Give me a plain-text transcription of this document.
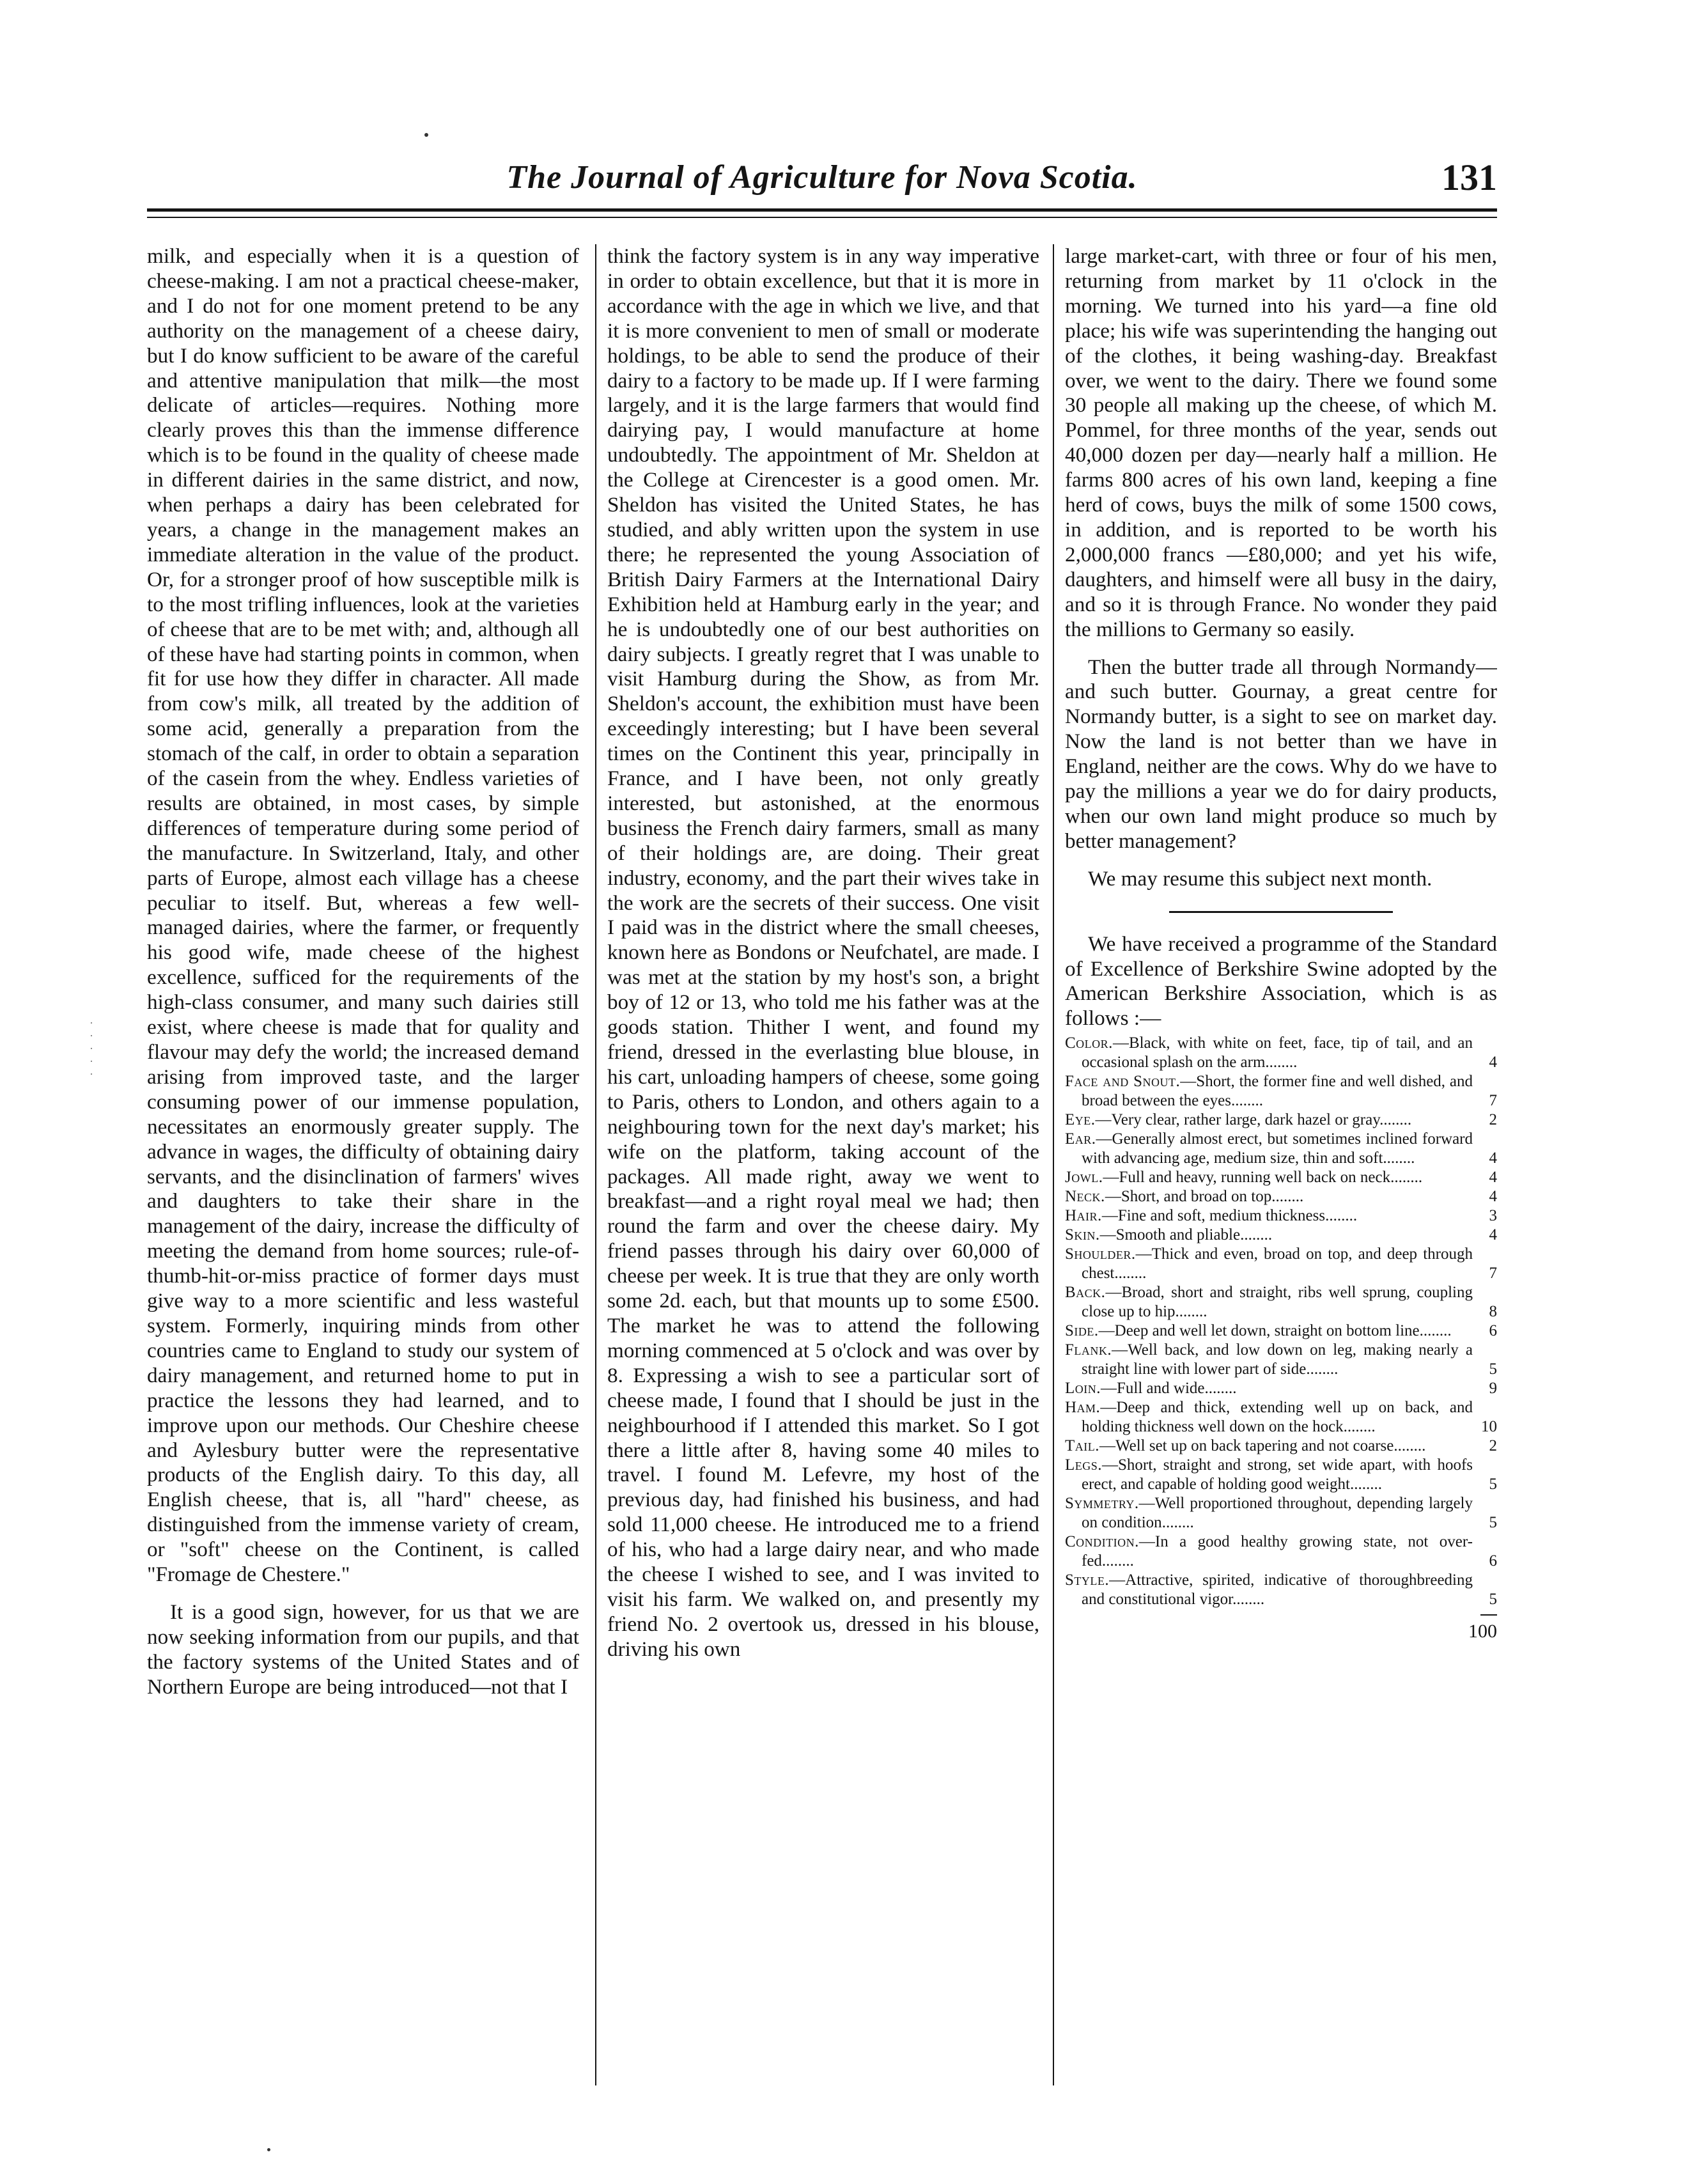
The Journal of Agriculture for Nova Scotia.	131
·
·
·
·
·

milk, and especially when it is a question of cheese-making. I am not a practical cheese-maker, and I do not for one moment pretend to be any authority on the management of a cheese dairy, but I do know sufficient to be aware of the careful and attentive manipulation that milk—the most delicate of articles—requires. Nothing more clearly proves this than the immense difference which is to be found in the quality of cheese made in different dairies in the same district, and now, when perhaps a dairy has been celebrated for years, a change in the management makes an immediate alteration in the value of the product. Or, for a stronger proof of how susceptible milk is to the most trifling influences, look at the varieties of cheese that are to be met with; and, although all of these have had starting points in common, when fit for use how they differ in character. All made from cow's milk, all treated by the addition of some acid, generally a preparation from the stomach of the calf, in order to obtain a separation of the casein from the whey. Endless varieties of results are obtained, in most cases, by simple differences of temperature during some period of the manufacture. In Switzerland, Italy, and other parts of Europe, almost each village has a cheese peculiar to itself. But, whereas a few well-managed dairies, where the farmer, or frequently his good wife, made cheese of the highest excellence, sufficed for the requirements of the high-class consumer, and many such dairies still exist, where cheese is made that for quality and flavour may defy the world; the increased demand arising from improved taste, and the larger consuming power of our immense population, necessitates an enormously greater supply. The advance in wages, the difficulty of obtaining dairy servants, and the disinclination of farmers' wives and daughters to take their share in the management of the dairy, increase the difficulty of meeting the demand from home sources; rule-of-thumb-hit-or-miss practice of former days must give way to a more scientific and less wasteful system. Formerly, inquiring minds from other countries came to England to study our system of dairy management, and returned home to put in practice the lessons they had learned, and to improve upon our methods. Our Cheshire cheese and Aylesbury butter were the representative products of the English dairy. To this day, all English cheese, that is, all "hard" cheese, as distinguished from the immense variety of cream, or "soft" cheese on the Continent, is called "Fromage de Chestere."

It is a good sign, however, for us that we are now seeking information from our pupils, and that the factory systems of the United States and of Northern Europe are being introduced—not that I

think the factory system is in any way imperative in order to obtain excellence, but that it is more in accordance with the age in which we live, and that it is more convenient to men of small or moderate holdings, to be able to send the produce of their dairy to a factory to be made up. If I were farming largely, and it is the large farmers that would find dairying pay, I would manufacture at home undoubtedly. The appointment of Mr. Sheldon at the College at Cirencester is a good omen. Mr. Sheldon has visited the United States, he has studied, and ably written upon the system in use there; he represented the young Association of British Dairy Farmers at the International Dairy Exhibition held at Hamburg early in the year; and he is undoubtedly one of our best authorities on dairy subjects. I greatly regret that I was unable to visit Hamburg during the Show, as from Mr. Sheldon's account, the exhibition must have been exceedingly interesting; but I have been several times on the Continent this year, principally in France, and I have been, not only greatly interested, but astonished, at the enormous business the French dairy farmers, small as many of their holdings are, are doing. Their great industry, economy, and the part their wives take in the work are the secrets of their success. One visit I paid was in the district where the small cheeses, known here as Bondons or Neufchatel, are made. I was met at the station by my host's son, a bright boy of 12 or 13, who told me his father was at the goods station. Thither I went, and found my friend, dressed in the everlasting blue blouse, in his cart, unloading hampers of cheese, some going to Paris, others to London, and others again to a neighbouring town for the next day's market; his wife on the platform, taking account of the packages. All made right, away we went to breakfast—and a right royal meal we had; then round the farm and over the cheese dairy. My friend passes through his dairy over 60,000 of cheese per week. It is true that they are only worth some 2d. each, but that mounts up to some £500. The market he was to attend the following morning commenced at 5 o'clock and was over by 8. Expressing a wish to see a particular sort of cheese made, I found that I should be just in the neighbourhood if I attended this market. So I got there a little after 8, having some 40 miles to travel. I found M. Lefevre, my host of the previous day, had finished his business, and had sold 11,000 cheese. He introduced me to a friend of his, who had a large dairy near, and who made the cheese I wished to see, and I was invited to visit his farm. We walked on, and presently my friend No. 2 overtook us, dressed in his blouse, driving his own

large market-cart, with three or four of his men, returning from market by 11 o'clock in the morning. We turned into his yard—a fine old place; his wife was superintending the hanging out of the clothes, it being washing-day. Breakfast over, we went to the dairy. There we found some 30 people all making up the cheese, of which M. Pommel, for three months of the year, sends out 40,000 dozen per day—nearly half a million. He farms 800 acres of his own land, keeping a fine herd of cows, buys the milk of some 1500 cows, in addition, and is reported to be worth his 2,000,000 francs —£80,000; and yet his wife, daughters, and himself were all busy in the dairy, and so it is through France. No wonder they paid the millions to Germany so easily.

Then the butter trade all through Normandy—and such butter. Gournay, a great centre for Normandy butter, is a sight to see on market day. Now the land is not better than we have in England, neither are the cows. Why do we have to pay the millions a year we do for dairy products, when our own land might produce so much by better management?

We may resume this subject next month.

We have received a programme of the Standard of Excellence of Berkshire Swine adopted by the American Berkshire Association, which is as follows :—

Color.—Black, with white on feet, face, tip of tail, and an occasional splash on the arm........	4
Face and Snout.—Short, the former fine and well dished, and broad between the eyes........	7
Eye.—Very clear, rather large, dark hazel or gray........	2
Ear.—Generally almost erect, but sometimes inclined forward with advancing age, medium size, thin and soft........	4
Jowl.—Full and heavy, running well back on neck........	4
Neck.—Short, and broad on top........	4
Hair.—Fine and soft, medium thickness........	3
Skin.—Smooth and pliable........	4
Shoulder.—Thick and even, broad on top, and deep through chest........	7
Back.—Broad, short and straight, ribs well sprung, coupling close up to hip........	8
Side.—Deep and well let down, straight on bottom line........ 6
Flank.—Well back, and low down on leg, making nearly a straight line with lower part of side........	5
Loin.—Full and wide........	9
Ham.—Deep and thick, extending well up on back, and holding thickness well down on the hock........	10
Tail.—Well set up on back tapering and not coarse........	2
Legs.—Short, straight and strong, set wide apart, with hoofs erect, and capable of holding good weight........	5
Symmetry.—Well proportioned throughout, depending largely on condition........	5
Condition.—In a good healthy growing state, not over-fed........	6
Style.—Attractive, spirited, indicative of thoroughbreeding and constitutional vigor........	5
100
